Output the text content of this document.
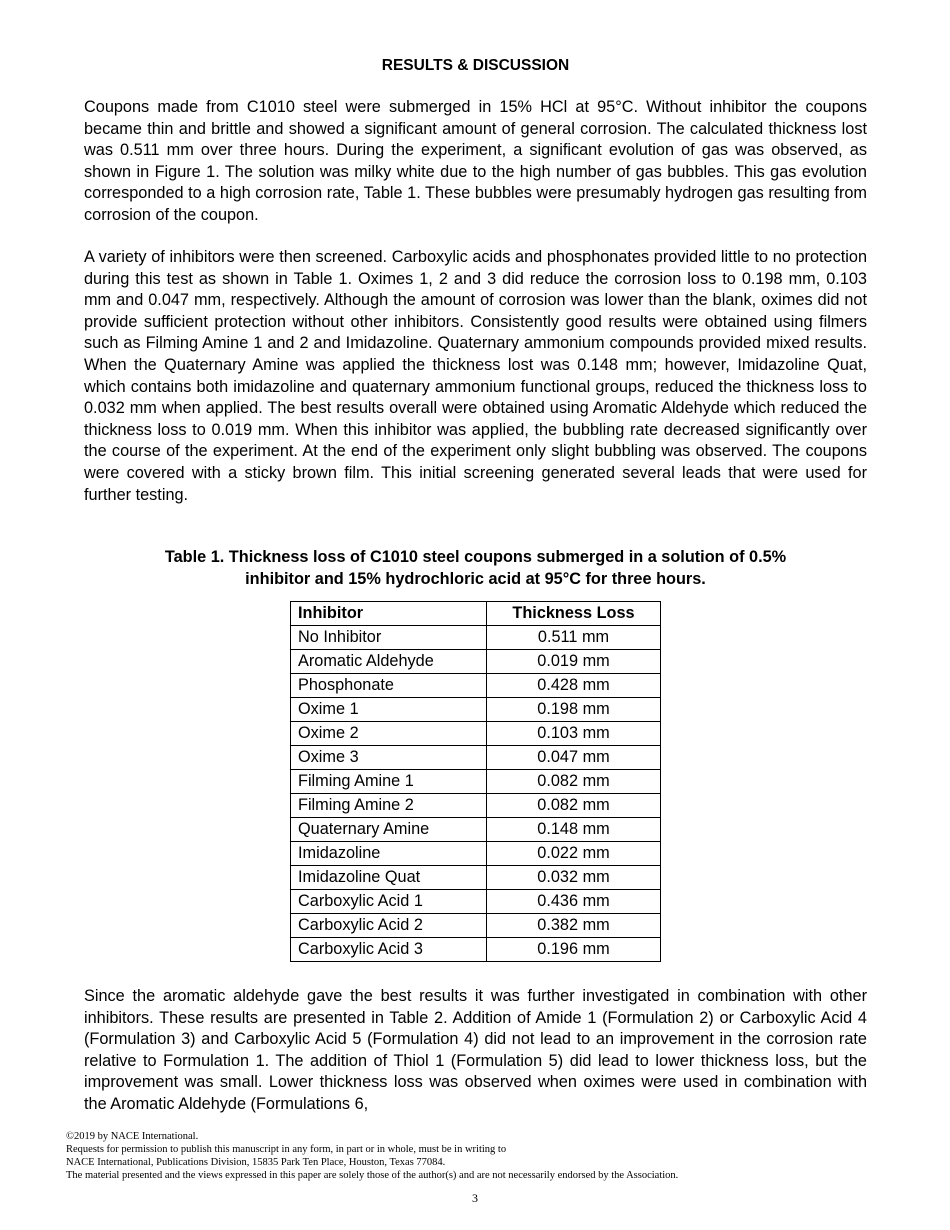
RESULTS & DISCUSSION

Coupons made from C1010 steel were submerged in 15% HCl at 95°C. Without inhibitor the coupons became thin and brittle and showed a significant amount of general corrosion. The calculated thickness lost was 0.511 mm over three hours. During the experiment, a significant evolution of gas was observed, as shown in Figure 1. The solution was milky white due to the high number of gas bubbles. This gas evolution corresponded to a high corrosion rate, Table 1. These bubbles were presumably hydrogen gas resulting from corrosion of the coupon.

A variety of inhibitors were then screened. Carboxylic acids and phosphonates provided little to no protection during this test as shown in Table 1. Oximes 1, 2 and 3 did reduce the corrosion loss to 0.198 mm, 0.103 mm and 0.047 mm, respectively. Although the amount of corrosion was lower than the blank, oximes did not provide sufficient protection without other inhibitors. Consistently good results were obtained using filmers such as Filming Amine 1 and 2 and Imidazoline. Quaternary ammonium compounds provided mixed results. When the Quaternary Amine was applied the thickness lost was 0.148 mm; however, Imidazoline Quat, which contains both imidazoline and quaternary ammonium functional groups, reduced the thickness loss to 0.032 mm when applied. The best results overall were obtained using Aromatic Aldehyde which reduced the thickness loss to 0.019 mm. When this inhibitor was applied, the bubbling rate decreased significantly over the course of the experiment. At the end of the experiment only slight bubbling was observed. The coupons were covered with a sticky brown film. This initial screening generated several leads that were used for further testing.

Table 1. Thickness loss of C1010 steel coupons submerged in a solution of 0.5%
inhibitor and 15% hydrochloric acid at 95°C for three hours.
Inhibitor	Thickness Loss
No Inhibitor	0.511 mm
Aromatic Aldehyde	0.019 mm
Phosphonate	0.428 mm
Oxime 1	0.198 mm
Oxime 2	0.103 mm
Oxime 3	0.047 mm
Filming Amine 1	0.082 mm
Filming Amine 2	0.082 mm
Quaternary Amine	0.148 mm
Imidazoline	0.022 mm
Imidazoline Quat	0.032 mm
Carboxylic Acid 1	0.436 mm
Carboxylic Acid 2	0.382 mm
Carboxylic Acid 3	0.196 mm

Since the aromatic aldehyde gave the best results it was further investigated in combination with other inhibitors. These results are presented in Table 2. Addition of Amide 1 (Formulation 2) or Carboxylic Acid 4 (Formulation 3) and Carboxylic Acid 5 (Formulation 4) did not lead to an improvement in the corrosion rate relative to Formulation 1. The addition of Thiol 1 (Formulation 5) did lead to lower thickness loss, but the improvement was small. Lower thickness loss was observed when oximes were used in combination with the Aromatic Aldehyde (Formulations 6,

©2019 by NACE International.
Requests for permission to publish this manuscript in any form, in part or in whole, must be in writing to
NACE International, Publications Division, 15835 Park Ten Place, Houston, Texas 77084.
The material presented and the views expressed in this paper are solely those of the author(s) and are not necessarily endorsed by the Association.
3
